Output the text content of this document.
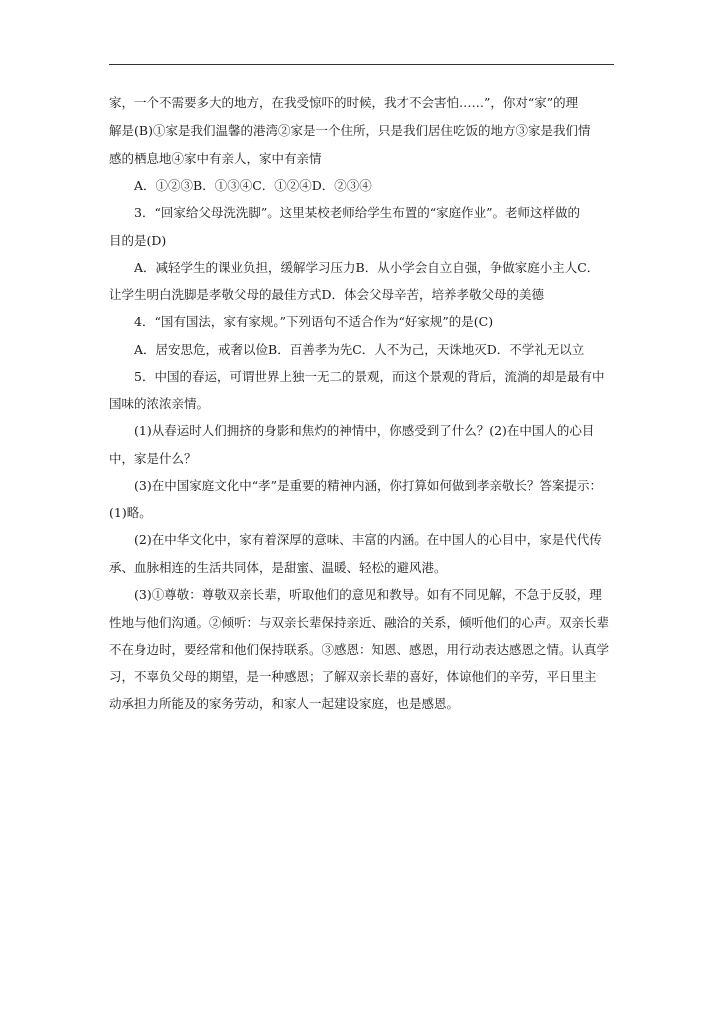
家，一个不需要多大的地方，在我受惊吓的时候，我才不会害怕……”，你对“家”的理
解是(B)①家是我们温馨的港湾②家是一个住所，只是我们居住吃饭的地方③家是我们情
感的栖息地④家中有亲人，家中有亲情
A．①②③B．①③④C．①②④D．②③④
3．“回家给父母洗洗脚”。这里某校老师给学生布置的“家庭作业”。老师这样做的
目的是(D)
A．减轻学生的课业负担，缓解学习压力B．从小学会自立自强，争做家庭小主人C．
让学生明白洗脚是孝敬父母的最佳方式D．体会父母辛苦，培养孝敬父母的美德
4．“国有国法，家有家规。”下列语句不适合作为“好家规”的是(C)
A．居安思危，戒奢以俭B．百善孝为先C．人不为己，天诛地灭D．不学礼无以立
5．中国的春运，可谓世界上独一无二的景观，而这个景观的背后，流淌的却是最有中
国味的浓浓亲情。
(1)从春运时人们拥挤的身影和焦灼的神情中，你感受到了什么？(2)在中国人的心目
中，家是什么？
(3)在中国家庭文化中“孝”是重要的精神内涵，你打算如何做到孝亲敬长？答案提示：
(1)略。
(2)在中华文化中，家有着深厚的意味、丰富的内涵。在中国人的心目中，家是代代传
承、血脉相连的生活共同体，是甜蜜、温暖、轻松的避风港。
(3)①尊敬：尊敬双亲长辈，听取他们的意见和教导。如有不同见解，不急于反驳，理
性地与他们沟通。②倾听：与双亲长辈保持亲近、融洽的关系，倾听他们的心声。双亲长辈
不在身边时，要经常和他们保持联系。③感恩：知恩、感恩，用行动表达感恩之情。认真学
习，不辜负父母的期望，是一种感恩；了解双亲长辈的喜好，体谅他们的辛劳，平日里主
动承担力所能及的家务劳动，和家人一起建设家庭，也是感恩。
